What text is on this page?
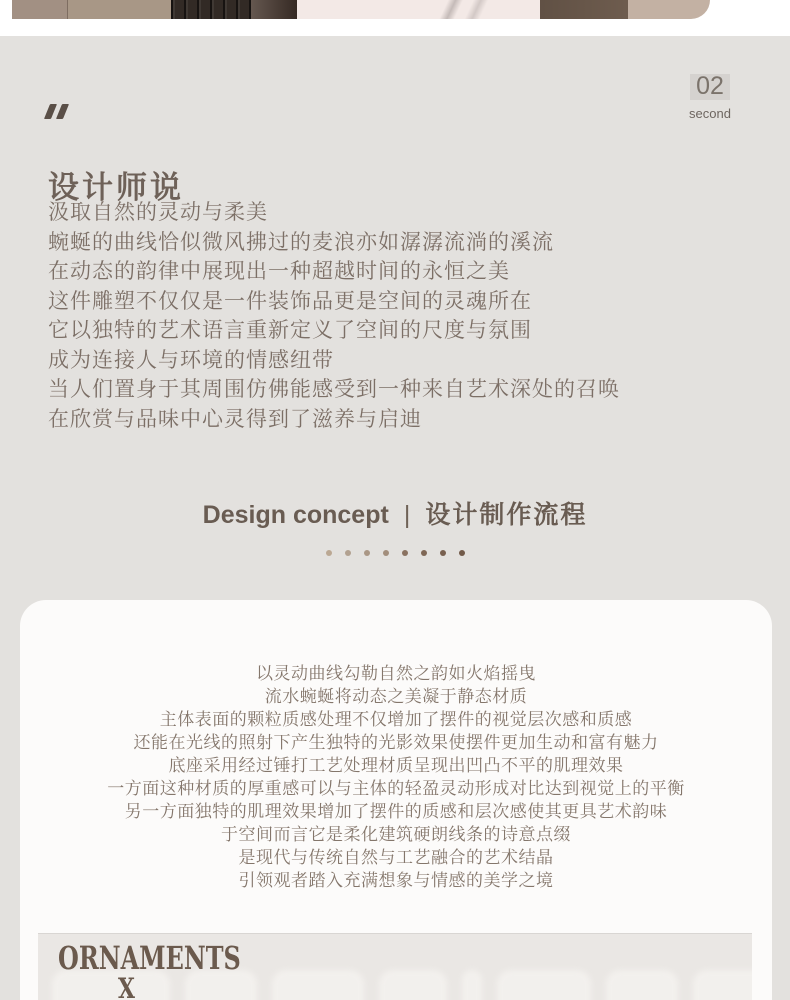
02
second
设计师说
汲取自然的灵动与柔美
蜿蜒的曲线恰似微风拂过的麦浪亦如潺潺流淌的溪流
在动态的韵律中展现出一种超越时间的永恒之美
这件雕塑不仅仅是一件装饰品更是空间的灵魂所在
它以独特的艺术语言重新定义了空间的尺度与氛围
成为连接人与环境的情感纽带
当人们置身于其周围仿佛能感受到一种来自艺术深处的召唤
在欣赏与品味中心灵得到了滋养与启迪
Design concept | 设计制作流程
以灵动曲线勾勒自然之韵如火焰摇曳
流水蜿蜒将动态之美凝于静态材质
主体表面的颗粒质感处理不仅增加了摆件的视觉层次感和质感
还能在光线的照射下产生独特的光影效果使摆件更加生动和富有魅力
底座采用经过锤打工艺处理材质呈现出凹凸不平的肌理效果
一方面这种材质的厚重感可以与主体的轻盈灵动形成对比达到视觉上的平衡
另一方面独特的肌理效果增加了摆件的质感和层次感使其更具艺术韵味
于空间而言它是柔化建筑硬朗线条的诗意点缀
是现代与传统自然与工艺融合的艺术结晶
引领观者踏入充满想象与情感的美学之境
ORNAMENTS
X
